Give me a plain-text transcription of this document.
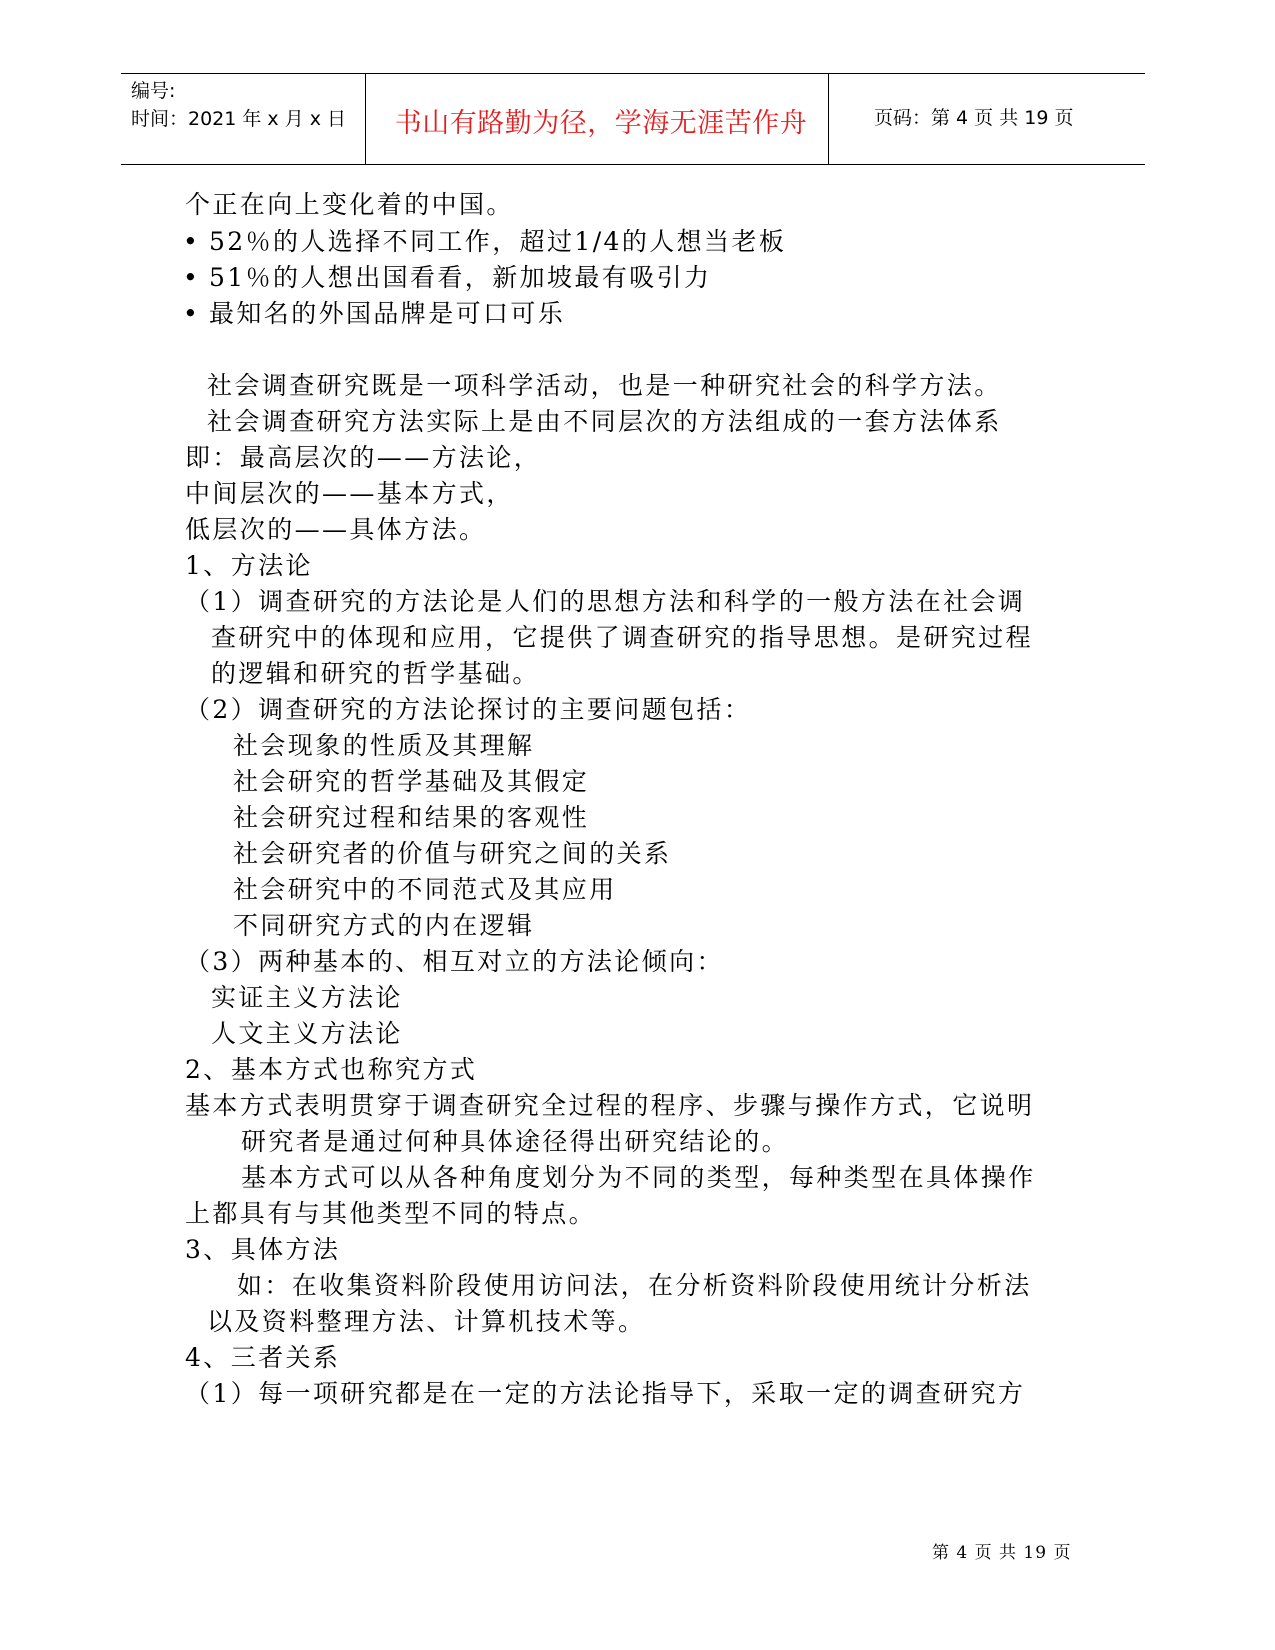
编号:
时间：2021 年 x 月 x 日	书山有路勤为径，学海无涯苦作舟	页码：第 4 页 共 19 页
个正在向上变化着的中国。
• 52％的人选择不同工作，超过1/4的人想当老板
• 51％的人想出国看看，新加坡最有吸引力
• 最知名的外国品牌是可口可乐
社会调查研究既是一项科学活动，也是一种研究社会的科学方法。
社会调查研究方法实际上是由不同层次的方法组成的一套方法体系
即：最高层次的——方法论，
中间层次的——基本方式，
低层次的——具体方法。
1、方法论
（1）调查研究的方法论是人们的思想方法和科学的一般方法在社会调
查研究中的体现和应用，它提供了调查研究的指导思想。是研究过程
的逻辑和研究的哲学基础。
（2）调查研究的方法论探讨的主要问题包括：
社会现象的性质及其理解
社会研究的哲学基础及其假定
社会研究过程和结果的客观性
社会研究者的价值与研究之间的关系
社会研究中的不同范式及其应用
不同研究方式的内在逻辑
（3）两种基本的、相互对立的方法论倾向：
实证主义方法论
人文主义方法论
2、基本方式也称究方式
基本方式表明贯穿于调查研究全过程的程序、步骤与操作方式，它说明
研究者是通过何种具体途径得出研究结论的。
基本方式可以从各种角度划分为不同的类型，每种类型在具体操作
上都具有与其他类型不同的特点。
3、具体方法
如：在收集资料阶段使用访问法，在分析资料阶段使用统计分析法
以及资料整理方法、计算机技术等。
4、三者关系
（1）每一项研究都是在一定的方法论指导下，采取一定的调查研究方
第 4 页 共 19 页
